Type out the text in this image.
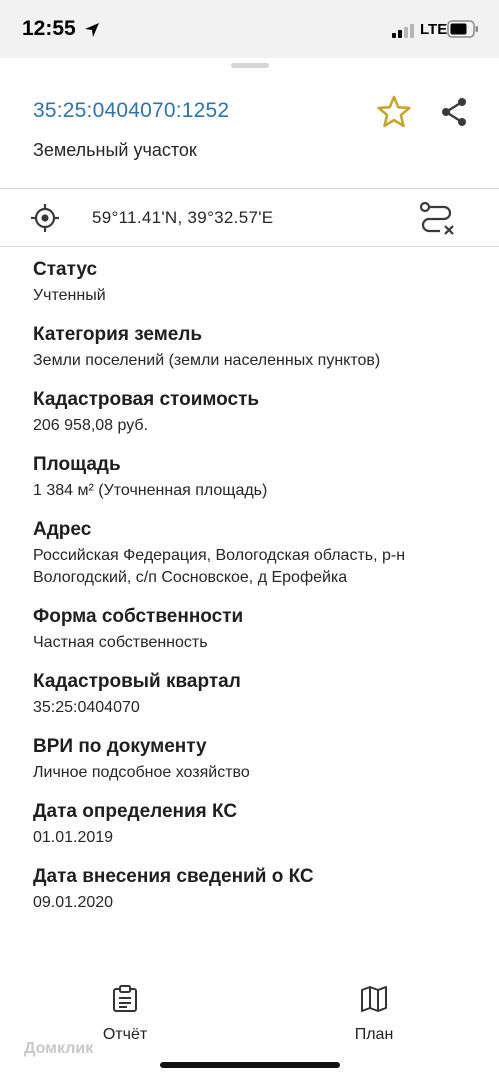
12:55	LTE
35:25:0404070:1252
Земельный участок
59°11.41'N, 39°32.57'E
Статус
Учтенный
Категория земель
Земли поселений (земли населенных пунктов)
Кадастровая стоимость
206 958,08 руб.
Площадь
1 384 м² (Уточненная площадь)
Адрес
Российская Федерация, Вологодская область, р-н Вологодский, с/п Сосновское, д Ерофейка
Форма собственности
Частная собственность
Кадастровый квартал
35:25:0404070
ВРИ по документу
Личное подсобное хозяйство
Дата определения КС
01.01.2019
Дата внесения сведений о КС
09.01.2020
Отчёт	План
Домклик
